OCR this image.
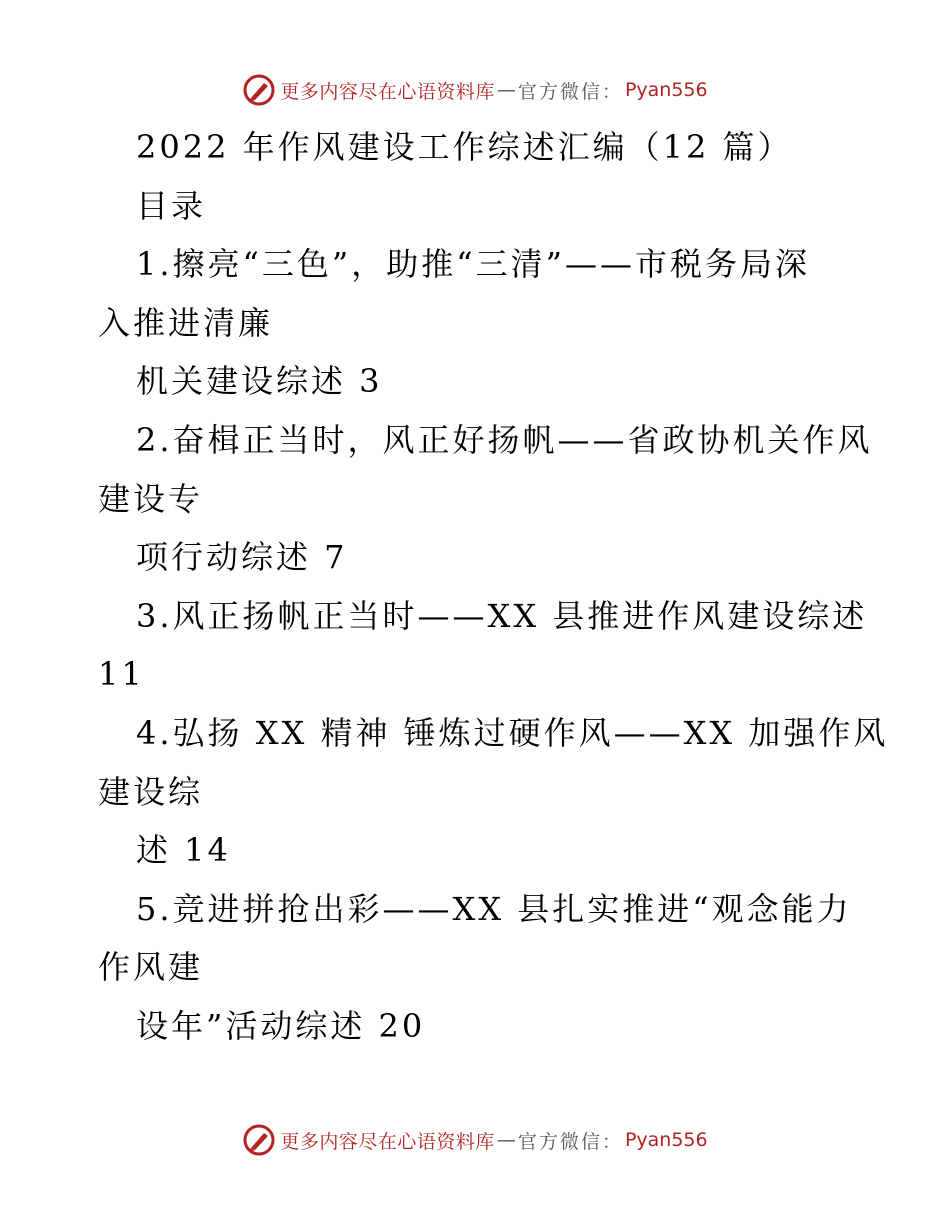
更多内容尽在心语资料库 — 官方微信： Pyan556
2022 年作风建设工作综述汇编（12 篇）
目录
1.擦亮“三色”，助推“三清”——市税务局深
入推进清廉
机关建设综述 3
2.奋楫正当时，风正好扬帆——省政协机关作风
建设专
项行动综述 7
3.风正扬帆正当时——XX 县推进作风建设综述
11
4.弘扬 XX 精神 锤炼过硬作风——XX 加强作风
建设综
述 14
5.竞进拼抢出彩——XX 县扎实推进“观念能力
作风建
设年”活动综述 20
更多内容尽在心语资料库 — 官方微信： Pyan556
